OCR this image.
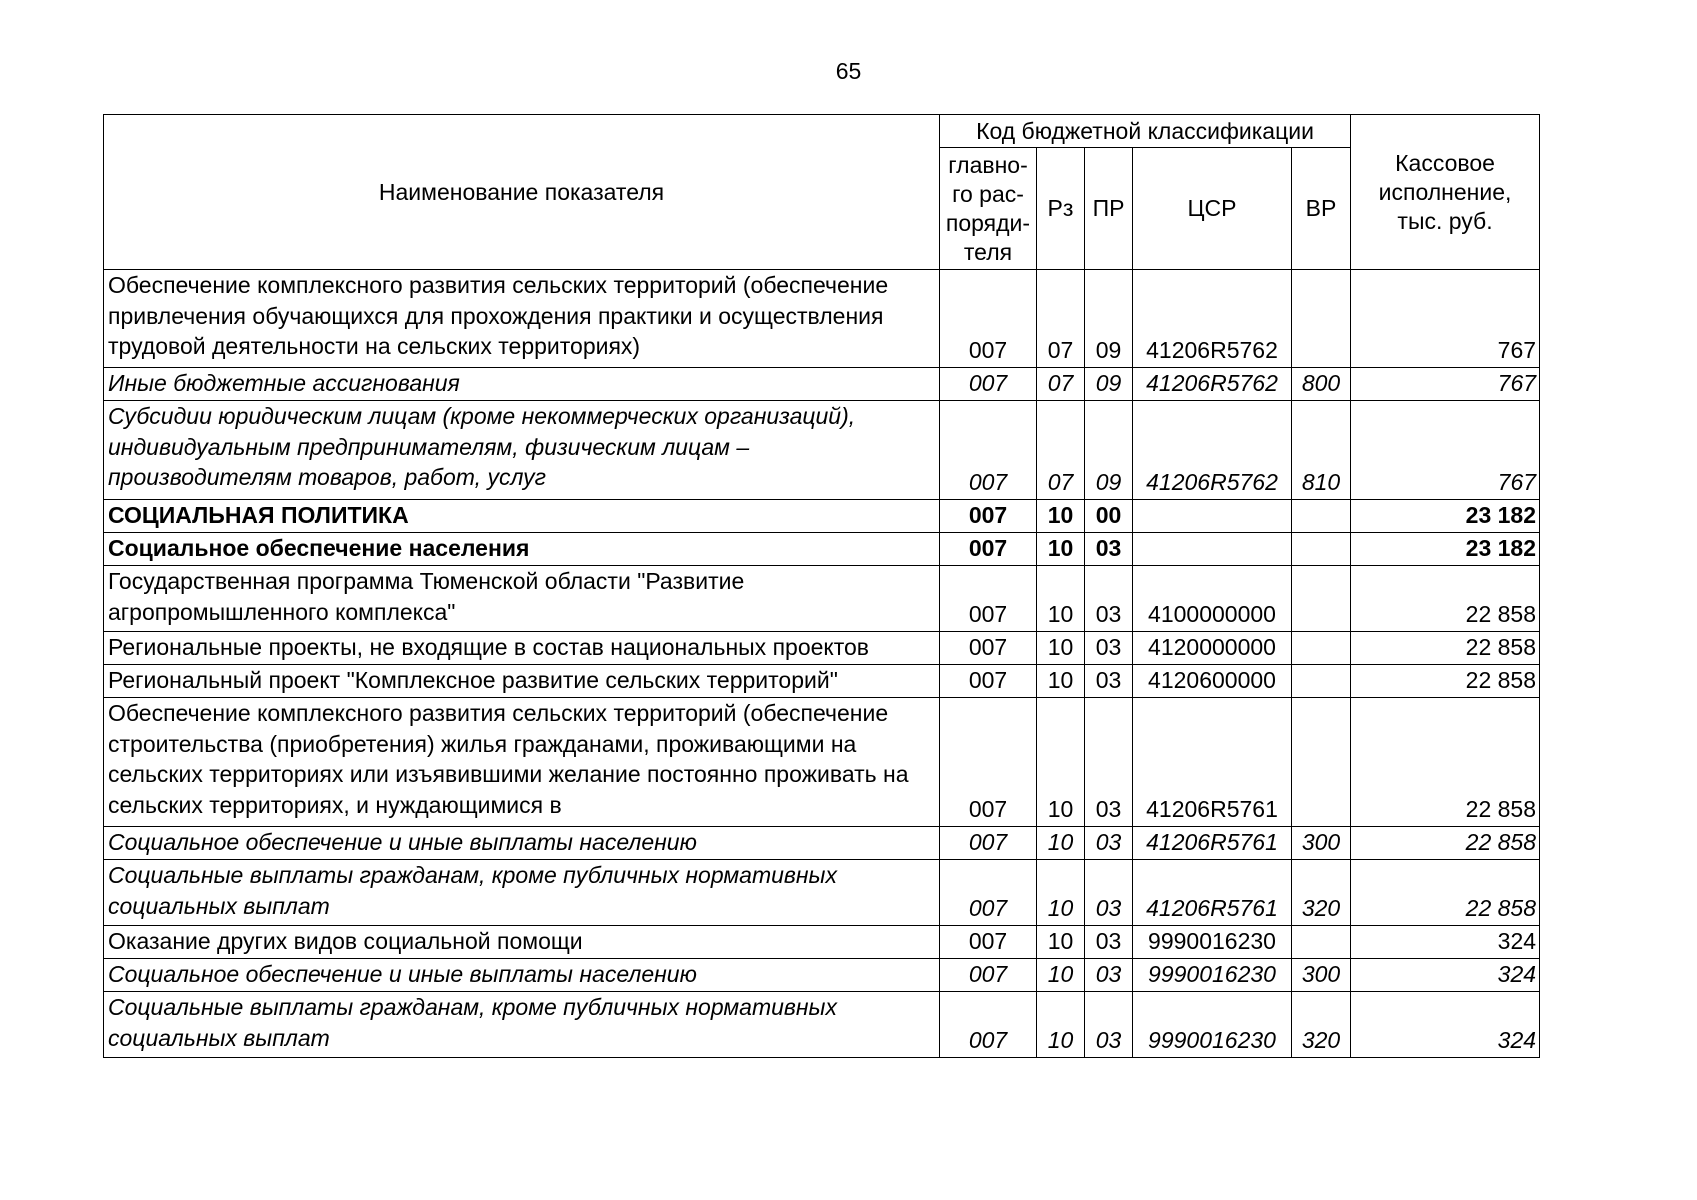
65
Наименование показателя	Код бюджетной классификации					Кассовое исполнение, тыс. руб.
	главно-го рас-поряди-теля	Рз	ПР	ЦСР	ВР	
Обеспечение комплексного развития сельских территорий (обеспечение привлечения обучающихся для прохождения практики и осуществления трудовой деятельности на сельских территориях)	007	07	09	41206R5762		767
Иные бюджетные ассигнования	007	07	09	41206R5762	800	767
Субсидии юридическим лицам (кроме некоммерческих организаций), индивидуальным предпринимателям, физическим лицам – производителям товаров, работ, услуг	007	07	09	41206R5762	810	767
СОЦИАЛЬНАЯ ПОЛИТИКА	007	10	00			23 182
Социальное обеспечение населения	007	10	03			23 182
Государственная программа Тюменской области "Развитие агропромышленного комплекса"	007	10	03	4100000000		22 858
Региональные проекты, не входящие в состав национальных проектов	007	10	03	4120000000		22 858
Региональный проект "Комплексное развитие сельских территорий"	007	10	03	4120600000		22 858
Обеспечение комплексного развития сельских территорий (обеспечение строительства (приобретения) жилья гражданами, проживающими на сельских территориях или изъявившими желание постоянно проживать на сельских территориях, и нуждающимися в	007	10	03	41206R5761		22 858
Социальное обеспечение и иные выплаты населению	007	10	03	41206R5761	300	22 858
Социальные выплаты гражданам, кроме публичных нормативных социальных выплат	007	10	03	41206R5761	320	22 858
Оказание других видов социальной помощи	007	10	03	9990016230		324
Социальное обеспечение и иные выплаты населению	007	10	03	9990016230	300	324
Социальные выплаты гражданам, кроме публичных нормативных социальных выплат	007	10	03	9990016230	320	324
